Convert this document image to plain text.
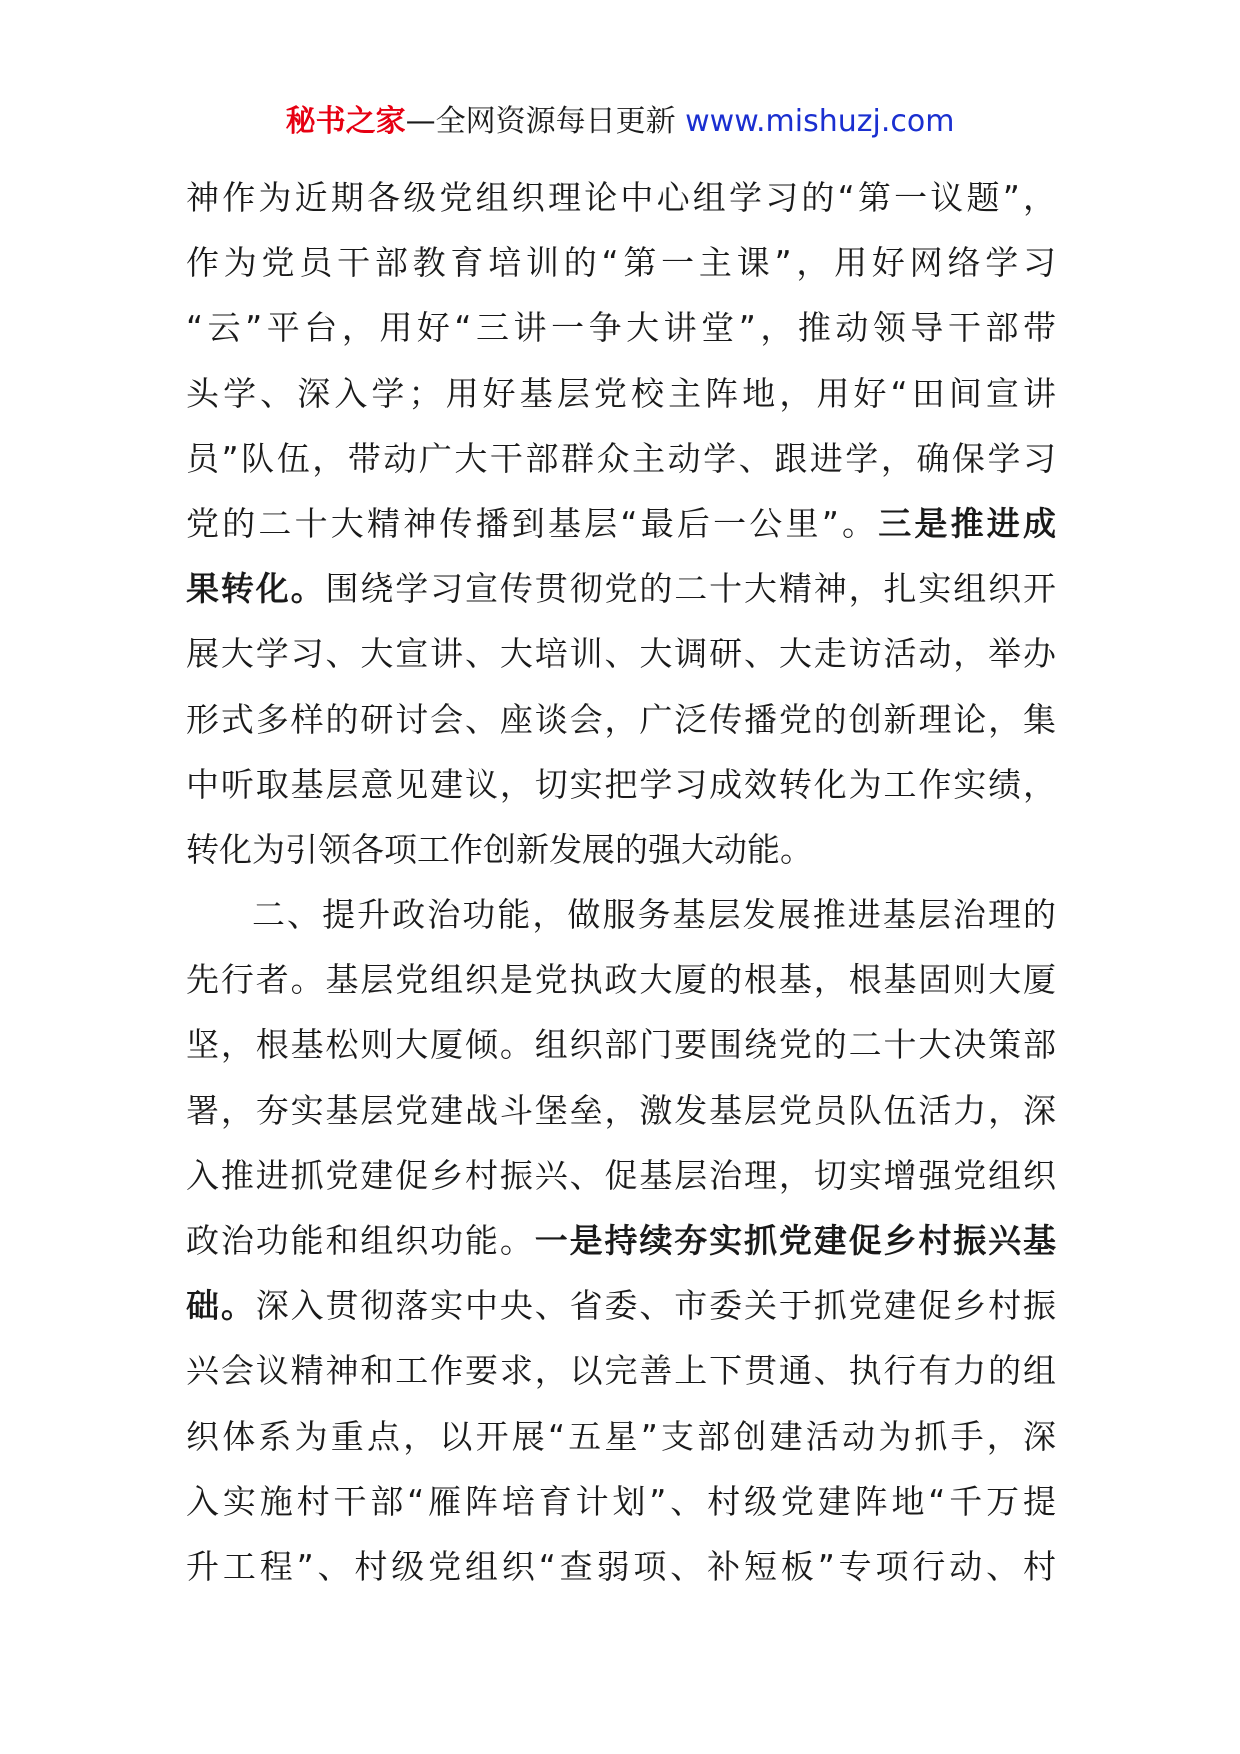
秘书之家—全网资源每日更新 www.mishuzj.com
神作为近期各级党组织理论中心组学习的“第一议题”，
作为党员干部教育培训的“第一主课”，用好网络学习
“云”平台，用好“三讲一争大讲堂”，推动领导干部带
头学、深入学；用好基层党校主阵地，用好“田间宣讲
员”队伍，带动广大干部群众主动学、跟进学，确保学习
党的二十大精神传播到基层“最后一公里”。三是推进成
果转化。围绕学习宣传贯彻党的二十大精神，扎实组织开
展大学习、大宣讲、大培训、大调研、大走访活动，举办
形式多样的研讨会、座谈会，广泛传播党的创新理论，集
中听取基层意见建议，切实把学习成效转化为工作实绩，
转化为引领各项工作创新发展的强大动能。
二、提升政治功能，做服务基层发展推进基层治理的
先行者。基层党组织是党执政大厦的根基，根基固则大厦
坚，根基松则大厦倾。组织部门要围绕党的二十大决策部
署，夯实基层党建战斗堡垒，激发基层党员队伍活力，深
入推进抓党建促乡村振兴、促基层治理，切实增强党组织
政治功能和组织功能。一是持续夯实抓党建促乡村振兴基
础。深入贯彻落实中央、省委、市委关于抓党建促乡村振
兴会议精神和工作要求，以完善上下贯通、执行有力的组
织体系为重点，以开展“五星”支部创建活动为抓手，深
入实施村干部“雁阵培育计划”、村级党建阵地“千万提
升工程”、村级党组织“查弱项、补短板”专项行动、村
